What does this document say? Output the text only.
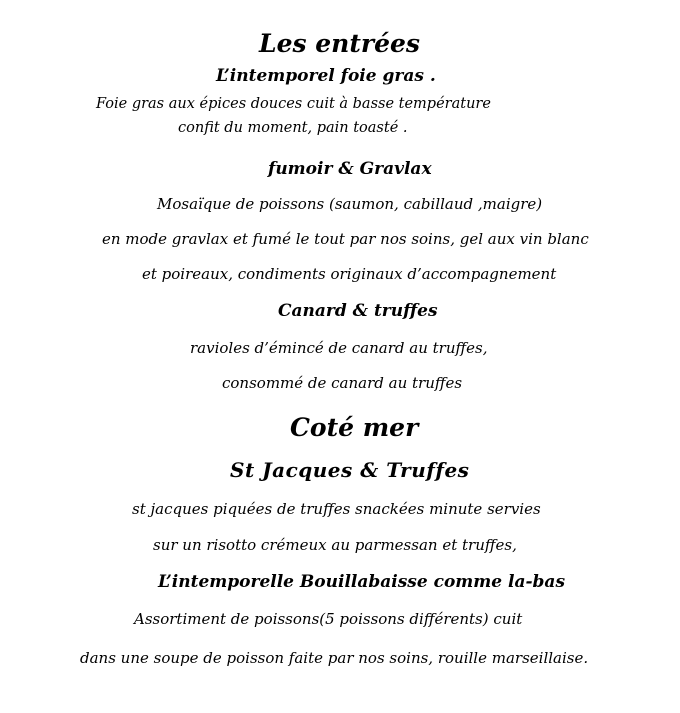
Les entrées
L’intemporel foie gras .
Foie gras aux épices douces cuit à basse température
confit du moment, pain toasté .
fumoir & Gravlax
Mosaïque de poissons (saumon, cabillaud ,maigre)
en mode gravlax et fumé le tout par nos soins, gel aux vin blanc
et poireaux, condiments originaux d’accompagnement
Canard & truffes
ravioles d’émincé de canard au truffes,
consommé de canard au truffes
Coté mer
St Jacques & Truffes
st jacques piquées de truffes snackées minute servies
sur un risotto crémeux au parmessan et truffes,
L’intemporelle Bouillabaisse comme la-bas
Assortiment de poissons(5 poissons différents) cuit
dans une soupe de poisson faite par nos soins, rouille marseillaise.
